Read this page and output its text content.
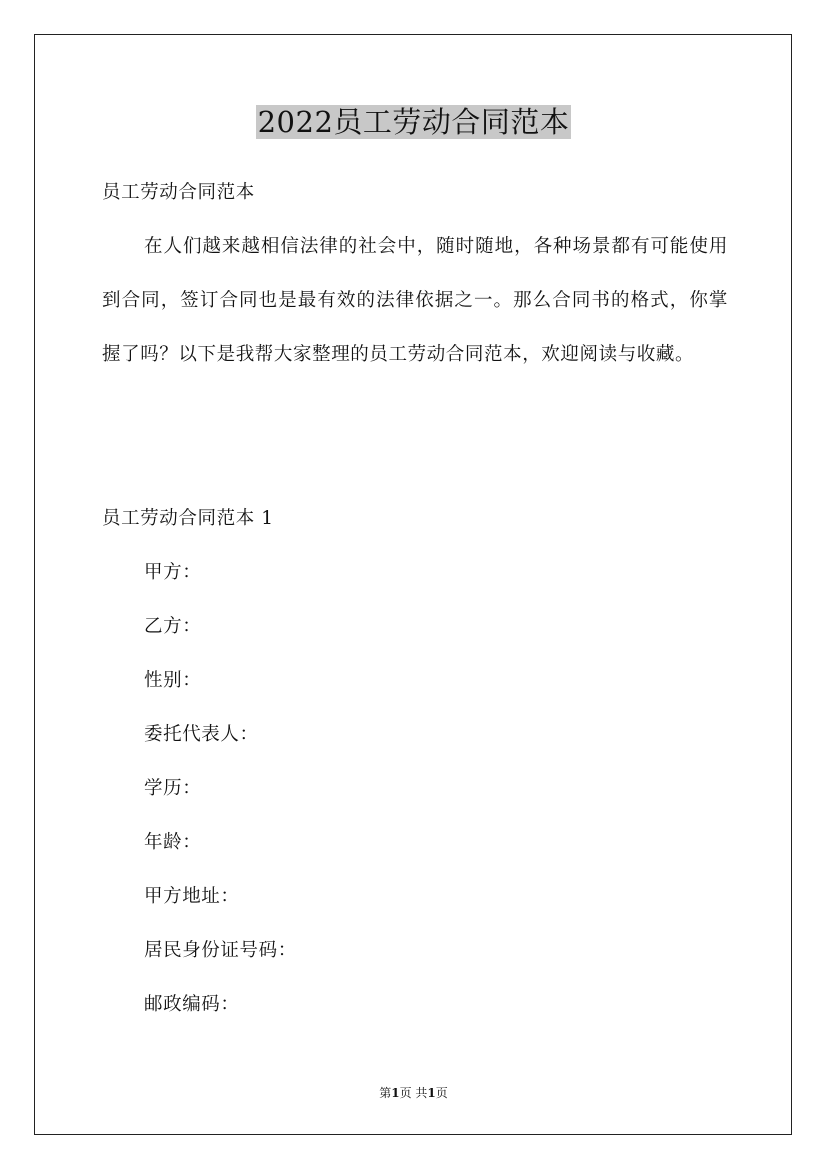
2022员工劳动合同范本

员工劳动合同范本

在人们越来越相信法律的社会中，随时随地，各种场景都有可能使用到合同，签订合同也是最有效的法律依据之一。那么合同书的格式，你掌握了吗？以下是我帮大家整理的员工劳动合同范本，欢迎阅读与收藏。

员工劳动合同范本 1

甲方：
乙方：
性别：
委托代表人：
学历：
年龄：
甲方地址：
居民身份证号码：
邮政编码：
第1页 共1页
